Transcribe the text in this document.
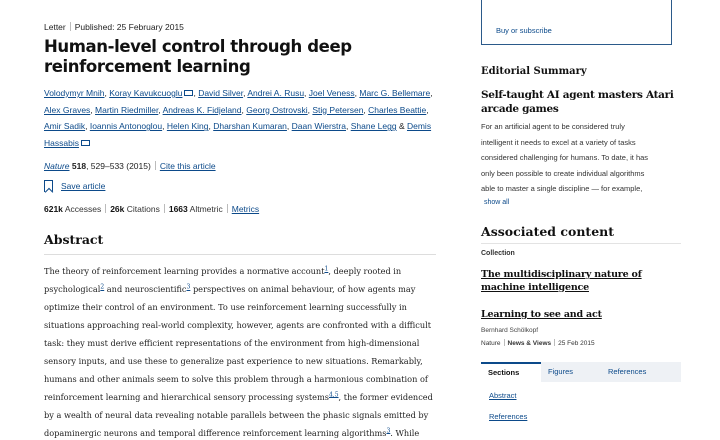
Letter Published: 25 February 2015
Human-level control through deep reinforcement learning
Volodymyr Mnih, Koray Kavukcuoglu , David Silver, Andrei A. Rusu, Joel Veness, Marc G. Bellemare,
Alex Graves, Martin Riedmiller, Andreas K. Fidjeland, Georg Ostrovski, Stig Petersen, Charles Beattie,
Amir Sadik, Ioannis Antonoglou, Helen King, Dharshan Kumaran, Daan Wierstra, Shane Legg & Demis
Hassabis
Nature 518, 529–533 (2015) Cite this article
Save article
621k Accesses 26k Citations 1663 Altmetric Metrics
Abstract
The theory of reinforcement learning provides a normative account$^1$, deeply rooted in
psychological$^2$ and neuroscientific$^3$ perspectives on animal behaviour, of how agents may
optimize their control of an environment. To use reinforcement learning successfully in
situations approaching real-world complexity, however, agents are confronted with a difficult
task: they must derive efficient representations of the environment from high-dimensional
sensory inputs, and use these to generalize past experience to new situations. Remarkably,
humans and other animals seem to solve this problem through a harmonious combination of
reinforcement learning and hierarchical sensory processing systems$^{4,5}$, the former evidenced
by a wealth of neural data revealing notable parallels between the phasic signals emitted by
dopaminergic neurons and temporal difference reinforcement learning algorithms$^3$. While
Buy or subscribe
Editorial Summary
Self-taught AI agent masters Atari arcade games
For an artificial agent to be considered truly
intelligent it needs to excel at a variety of tasks
considered challenging for humans. To date, it has
only been possible to create individual algorithms
able to master a single discipline — for example,
show all
Associated content
Collection
The multidisciplinary nature of machine intelligence
Learning to see and act
Bernhard Schölkopf
Nature News & Views 25 Feb 2015
Sections	Figures	References
Abstract
References
